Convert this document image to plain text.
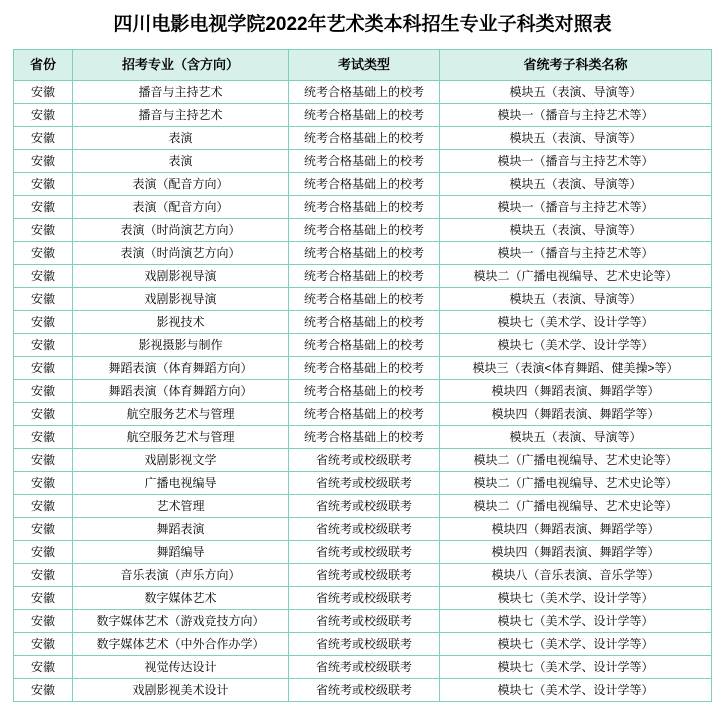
四川电影电视学院2022年艺术类本科招生专业子科类对照表
省份	招考专业（含方向）	考试类型	省统考子科类名称
安徽	播音与主持艺术	统考合格基础上的校考	模块五（表演、导演等）
安徽	播音与主持艺术	统考合格基础上的校考	模块一（播音与主持艺术等）
安徽	表演	统考合格基础上的校考	模块五（表演、导演等）
安徽	表演	统考合格基础上的校考	模块一（播音与主持艺术等）
安徽	表演（配音方向）	统考合格基础上的校考	模块五（表演、导演等）
安徽	表演（配音方向）	统考合格基础上的校考	模块一（播音与主持艺术等）
安徽	表演（时尚演艺方向）	统考合格基础上的校考	模块五（表演、导演等）
安徽	表演（时尚演艺方向）	统考合格基础上的校考	模块一（播音与主持艺术等）
安徽	戏剧影视导演	统考合格基础上的校考	模块二（广播电视编导、艺术史论等）
安徽	戏剧影视导演	统考合格基础上的校考	模块五（表演、导演等）
安徽	影视技术	统考合格基础上的校考	模块七（美术学、设计学等）
安徽	影视摄影与制作	统考合格基础上的校考	模块七（美术学、设计学等）
安徽	舞蹈表演（体育舞蹈方向）	统考合格基础上的校考	模块三（表演<体育舞蹈、健美操>等）
安徽	舞蹈表演（体育舞蹈方向）	统考合格基础上的校考	模块四（舞蹈表演、舞蹈学等）
安徽	航空服务艺术与管理	统考合格基础上的校考	模块四（舞蹈表演、舞蹈学等）
安徽	航空服务艺术与管理	统考合格基础上的校考	模块五（表演、导演等）
安徽	戏剧影视文学	省统考或校级联考	模块二（广播电视编导、艺术史论等）
安徽	广播电视编导	省统考或校级联考	模块二（广播电视编导、艺术史论等）
安徽	艺术管理	省统考或校级联考	模块二（广播电视编导、艺术史论等）
安徽	舞蹈表演	省统考或校级联考	模块四（舞蹈表演、舞蹈学等）
安徽	舞蹈编导	省统考或校级联考	模块四（舞蹈表演、舞蹈学等）
安徽	音乐表演（声乐方向）	省统考或校级联考	模块八（音乐表演、音乐学等）
安徽	数字媒体艺术	省统考或校级联考	模块七（美术学、设计学等）
安徽	数字媒体艺术（游戏竞技方向）	省统考或校级联考	模块七（美术学、设计学等）
安徽	数字媒体艺术（中外合作办学）	省统考或校级联考	模块七（美术学、设计学等）
安徽	视觉传达设计	省统考或校级联考	模块七（美术学、设计学等）
安徽	戏剧影视美术设计	省统考或校级联考	模块七（美术学、设计学等）
